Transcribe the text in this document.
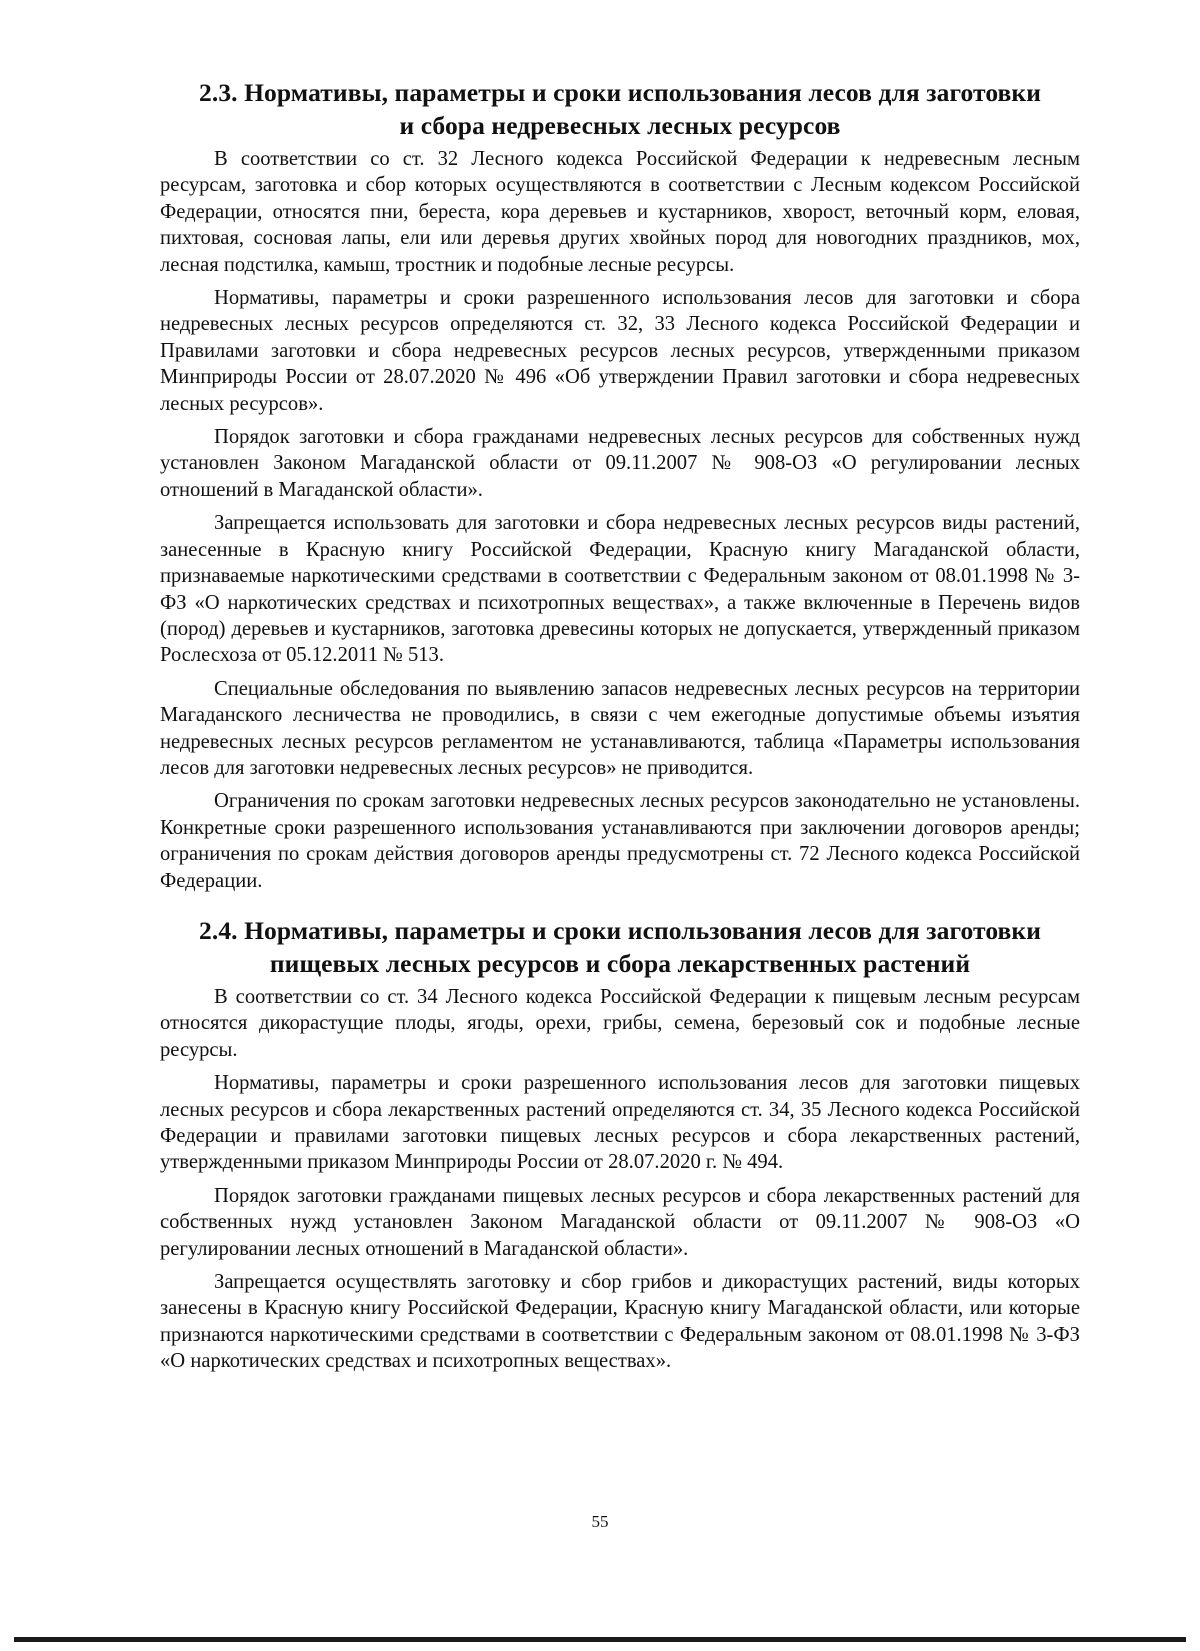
2.3. Нормативы, параметры и сроки использования лесов для заготовки
и сбора недревесных лесных ресурсов

В соответствии со ст. 32 Лесного кодекса Российской Федерации к недревесным лесным ресурсам, заготовка и сбор которых осуществляются в соответствии с Лесным кодексом Российской Федерации, относятся пни, береста, кора деревьев и кустарников, хворост, веточный корм, еловая, пихтовая, сосновая лапы, ели или деревья других хвойных пород для новогодних праздников, мох, лесная подстилка, камыш, тростник и подобные лесные ресурсы.

Нормативы, параметры и сроки разрешенного использования лесов для заготовки и сбора недревесных лесных ресурсов определяются ст. 32, 33 Лесного кодекса Российской Федерации и Правилами заготовки и сбора недревесных ресурсов лесных ресурсов, утвержденными приказом Минприроды России от 28.07.2020 № 496 «Об утверждении Правил заготовки и сбора недревесных лесных ресурсов».

Порядок заготовки и сбора гражданами недревесных лесных ресурсов для собственных нужд установлен Законом Магаданской области от 09.11.2007 № 908-ОЗ «О регулировании лесных отношений в Магаданской области».

Запрещается использовать для заготовки и сбора недревесных лесных ресурсов виды растений, занесенные в Красную книгу Российской Федерации, Красную книгу Магаданской области, признаваемые наркотическими средствами в соответствии с Федеральным законом от 08.01.1998 № 3-ФЗ «О наркотических средствах и психотропных веществах», а также включенные в Перечень видов (пород) деревьев и кустарников, заготовка древесины которых не допускается, утвержденный приказом Рослесхоза от 05.12.2011 № 513.

Специальные обследования по выявлению запасов недревесных лесных ресурсов на территории Магаданского лесничества не проводились, в связи с чем ежегодные допустимые объемы изъятия недревесных лесных ресурсов регламентом не устанавливаются, таблица «Параметры использования лесов для заготовки недревесных лесных ресурсов» не приводится.

Ограничения по срокам заготовки недревесных лесных ресурсов законодательно не установлены. Конкретные сроки разрешенного использования устанавливаются при заключении договоров аренды; ограничения по срокам действия договоров аренды предусмотрены ст. 72 Лесного кодекса Российской Федерации.

2.4. Нормативы, параметры и сроки использования лесов для заготовки
пищевых лесных ресурсов и сбора лекарственных растений

В соответствии со ст. 34 Лесного кодекса Российской Федерации к пищевым лесным ресурсам относятся дикорастущие плоды, ягоды, орехи, грибы, семена, березовый сок и подобные лесные ресурсы.

Нормативы, параметры и сроки разрешенного использования лесов для заготовки пищевых лесных ресурсов и сбора лекарственных растений определяются ст. 34, 35 Лесного кодекса Российской Федерации и правилами заготовки пищевых лесных ресурсов и сбора лекарственных растений, утвержденными приказом Минприроды России от 28.07.2020 г. № 494.

Порядок заготовки гражданами пищевых лесных ресурсов и сбора лекарственных растений для собственных нужд установлен Законом Магаданской области от 09.11.2007 № 908-ОЗ «О регулировании лесных отношений в Магаданской области».

Запрещается осуществлять заготовку и сбор грибов и дикорастущих растений, виды которых занесены в Красную книгу Российской Федерации, Красную книгу Магаданской области, или которые признаются наркотическими средствами в соответствии с Федеральным законом от 08.01.1998 № 3-ФЗ «О наркотических средствах и психотропных веществах».

55
